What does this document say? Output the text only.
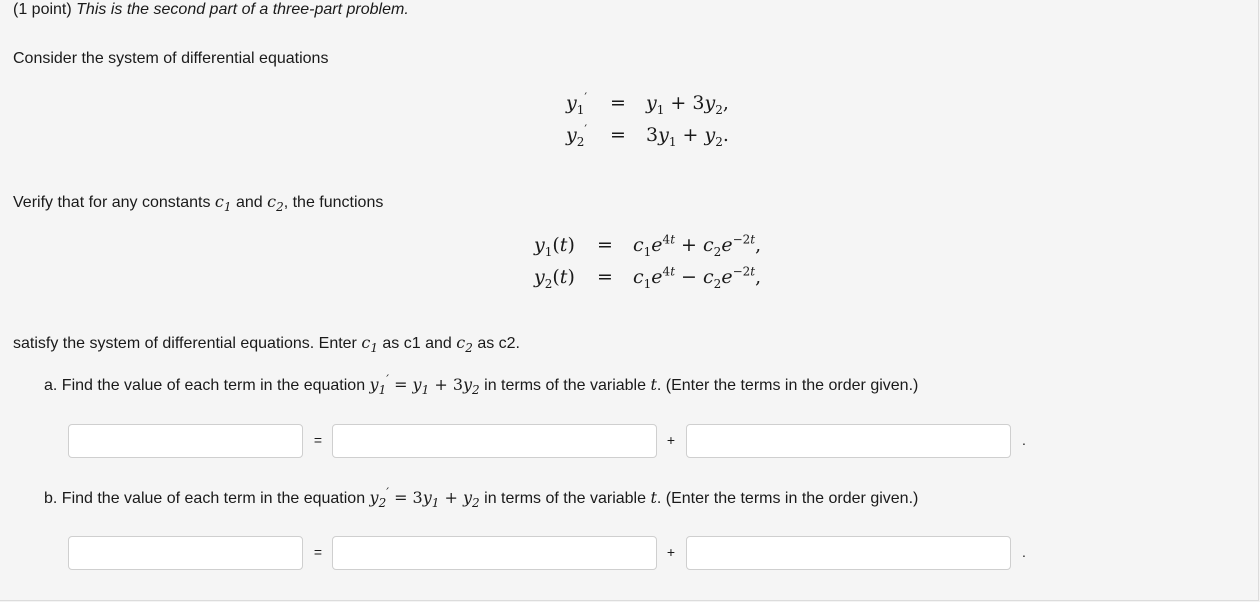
(1 point) This is the second part of a three-part problem.
Consider the system of differential equations
$y_1' = y_1 + 3y_2$,
$y_2' = 3y_1 + y_2$.
Verify that for any constants $c_1$ and $c_2$, the functions
$y_1(t) = c_1e^{4t} + c_2e^{-2t}$,
$y_2(t) = c_1e^{4t} - c_2e^{-2t}$,
satisfy the system of differential equations. Enter $c_1$ as c1 and $c_2$ as c2.
a. Find the value of each term in the equation $y_1' = y_1 + 3y_2$ in terms of the variable t. (Enter the terms in the order given.)
=	+	.
b. Find the value of each term in the equation $y_2' = 3y_1 + y_2$ in terms of the variable t. (Enter the terms in the order given.)
=	+	.
